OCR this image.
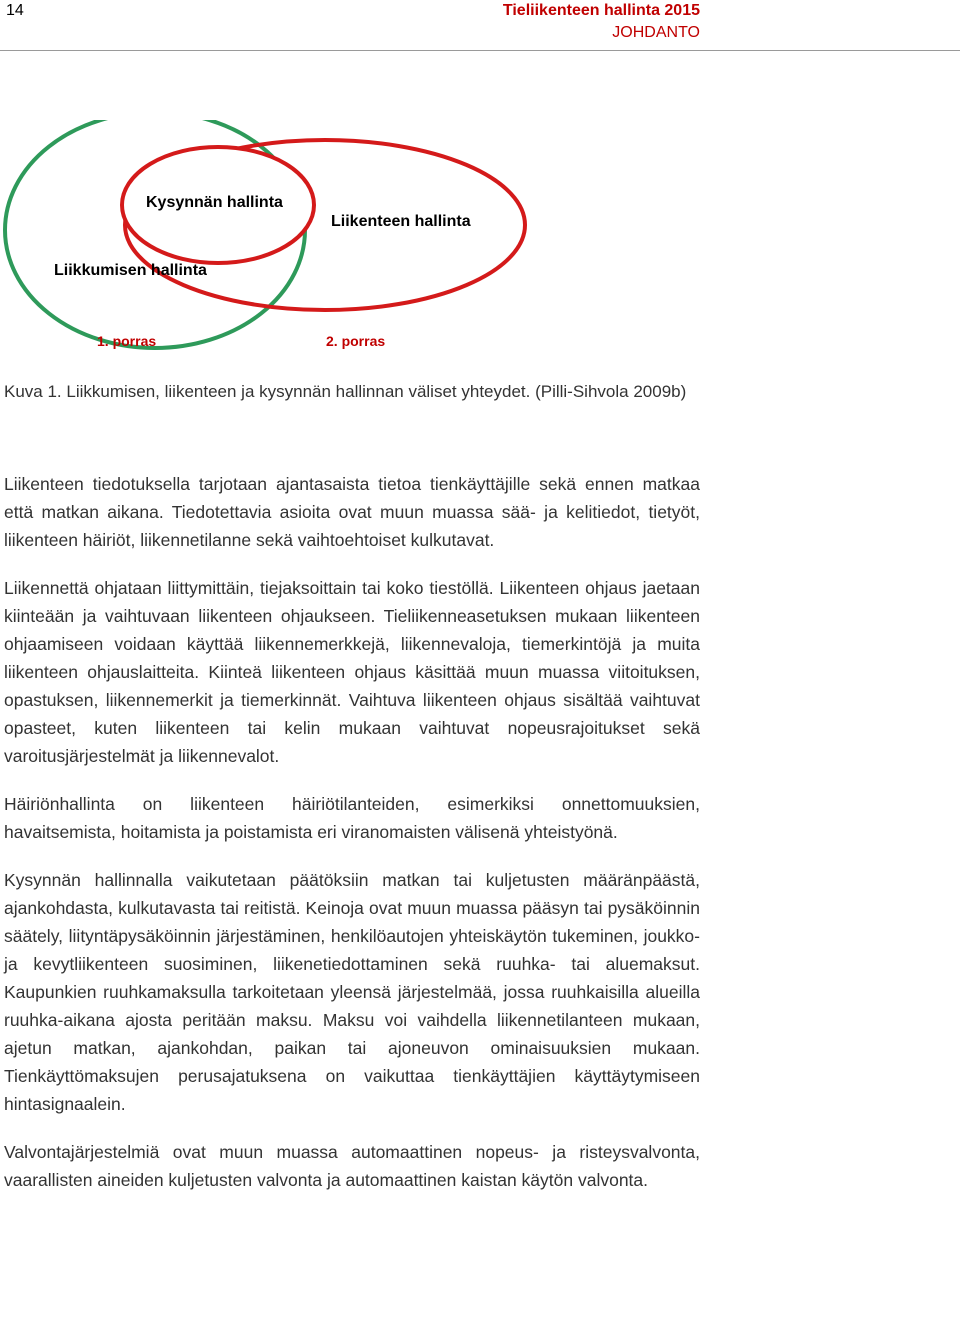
14	Tieliikenteen hallinta 2015
JOHDANTO
Kysynnän hallinta
Liikenteen hallinta
Liikkumisen hallinta
1. porras	2. porras
Kuva 1. Liikkumisen, liikenteen ja kysynnän hallinnan väliset yhteydet. (Pilli-Sihvola 2009b)

Liikenteen tiedotuksella tarjotaan ajantasaista tietoa tienkäyttäjille sekä ennen matkaa että matkan aikana. Tiedotettavia asioita ovat muun muassa sää- ja kelitiedot, tietyöt, liikenteen häiriöt, liikennetilanne sekä vaihtoehtoiset kulkutavat.

Liikennettä ohjataan liittymittäin, tiejaksoittain tai koko tiestöllä. Liikenteen ohjaus jaetaan kiinteään ja vaihtuvaan liikenteen ohjaukseen. Tieliikenneasetuksen mukaan liikenteen ohjaamiseen voidaan käyttää liikennemerkkejä, liikennevaloja, tiemerkintöjä ja muita liikenteen ohjauslaitteita. Kiinteä liikenteen ohjaus käsittää muun muassa viitoituksen, opastuksen, liikennemerkit ja tiemerkinnät. Vaihtuva liikenteen ohjaus sisältää vaihtuvat opasteet, kuten liikenteen tai kelin mukaan vaihtuvat nopeusrajoitukset sekä varoitusjärjestelmät ja liikennevalot.

Häiriönhallinta on liikenteen häiriötilanteiden, esimerkiksi onnettomuuksien, havaitsemista, hoitamista ja poistamista eri viranomaisten välisenä yhteistyönä.

Kysynnän hallinnalla vaikutetaan päätöksiin matkan tai kuljetusten määränpäästä, ajankohdasta, kulkutavasta tai reitistä. Keinoja ovat muun muassa pääsyn tai pysäköinnin säätely, liityntäpysäköinnin järjestäminen, henkilöautojen yhteiskäytön tukeminen, joukko- ja kevytliikenteen suosiminen, liikenetiedottaminen sekä ruuhka- tai aluemaksut. Kaupunkien ruuhkamaksulla tarkoitetaan yleensä järjestelmää, jossa ruuhkaisilla alueilla ruuhka-aikana ajosta peritään maksu. Maksu voi vaihdella liikennetilanteen mukaan, ajetun matkan, ajankohdan, paikan tai ajoneuvon ominaisuuksien mukaan. Tienkäyttömaksujen perusajatuksena on vaikuttaa tienkäyttäjien käyttäytymiseen hintasignaalein.

Valvontajärjestelmiä ovat muun muassa automaattinen nopeus- ja risteysvalvonta, vaarallisten aineiden kuljetusten valvonta ja automaattinen kaistan käytön valvonta.
